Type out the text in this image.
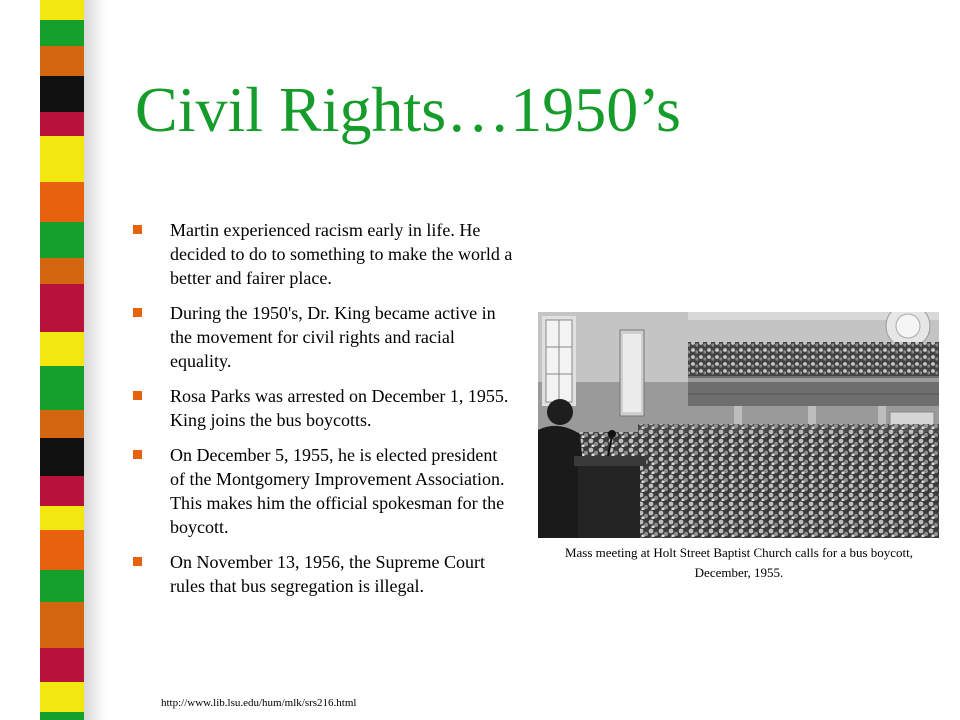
Civil Rights…1950’s
Martin experienced racism early in life. He decided to do to something to make the world a better and fairer place.
During the 1950's, Dr. King became active in the movement for civil rights and racial equality.
Rosa Parks was arrested on December 1, 1955. King joins the bus boycotts.
On December 5, 1955, he is elected president of the Montgomery Improvement Association. This makes him the official spokesman for the boycott.
On November 13, 1956, the Supreme Court rules that bus segregation is illegal.

Mass meeting at Holt Street Baptist Church calls for a bus boycott, December, 1955.

http://www.lib.lsu.edu/hum/mlk/srs216.html
